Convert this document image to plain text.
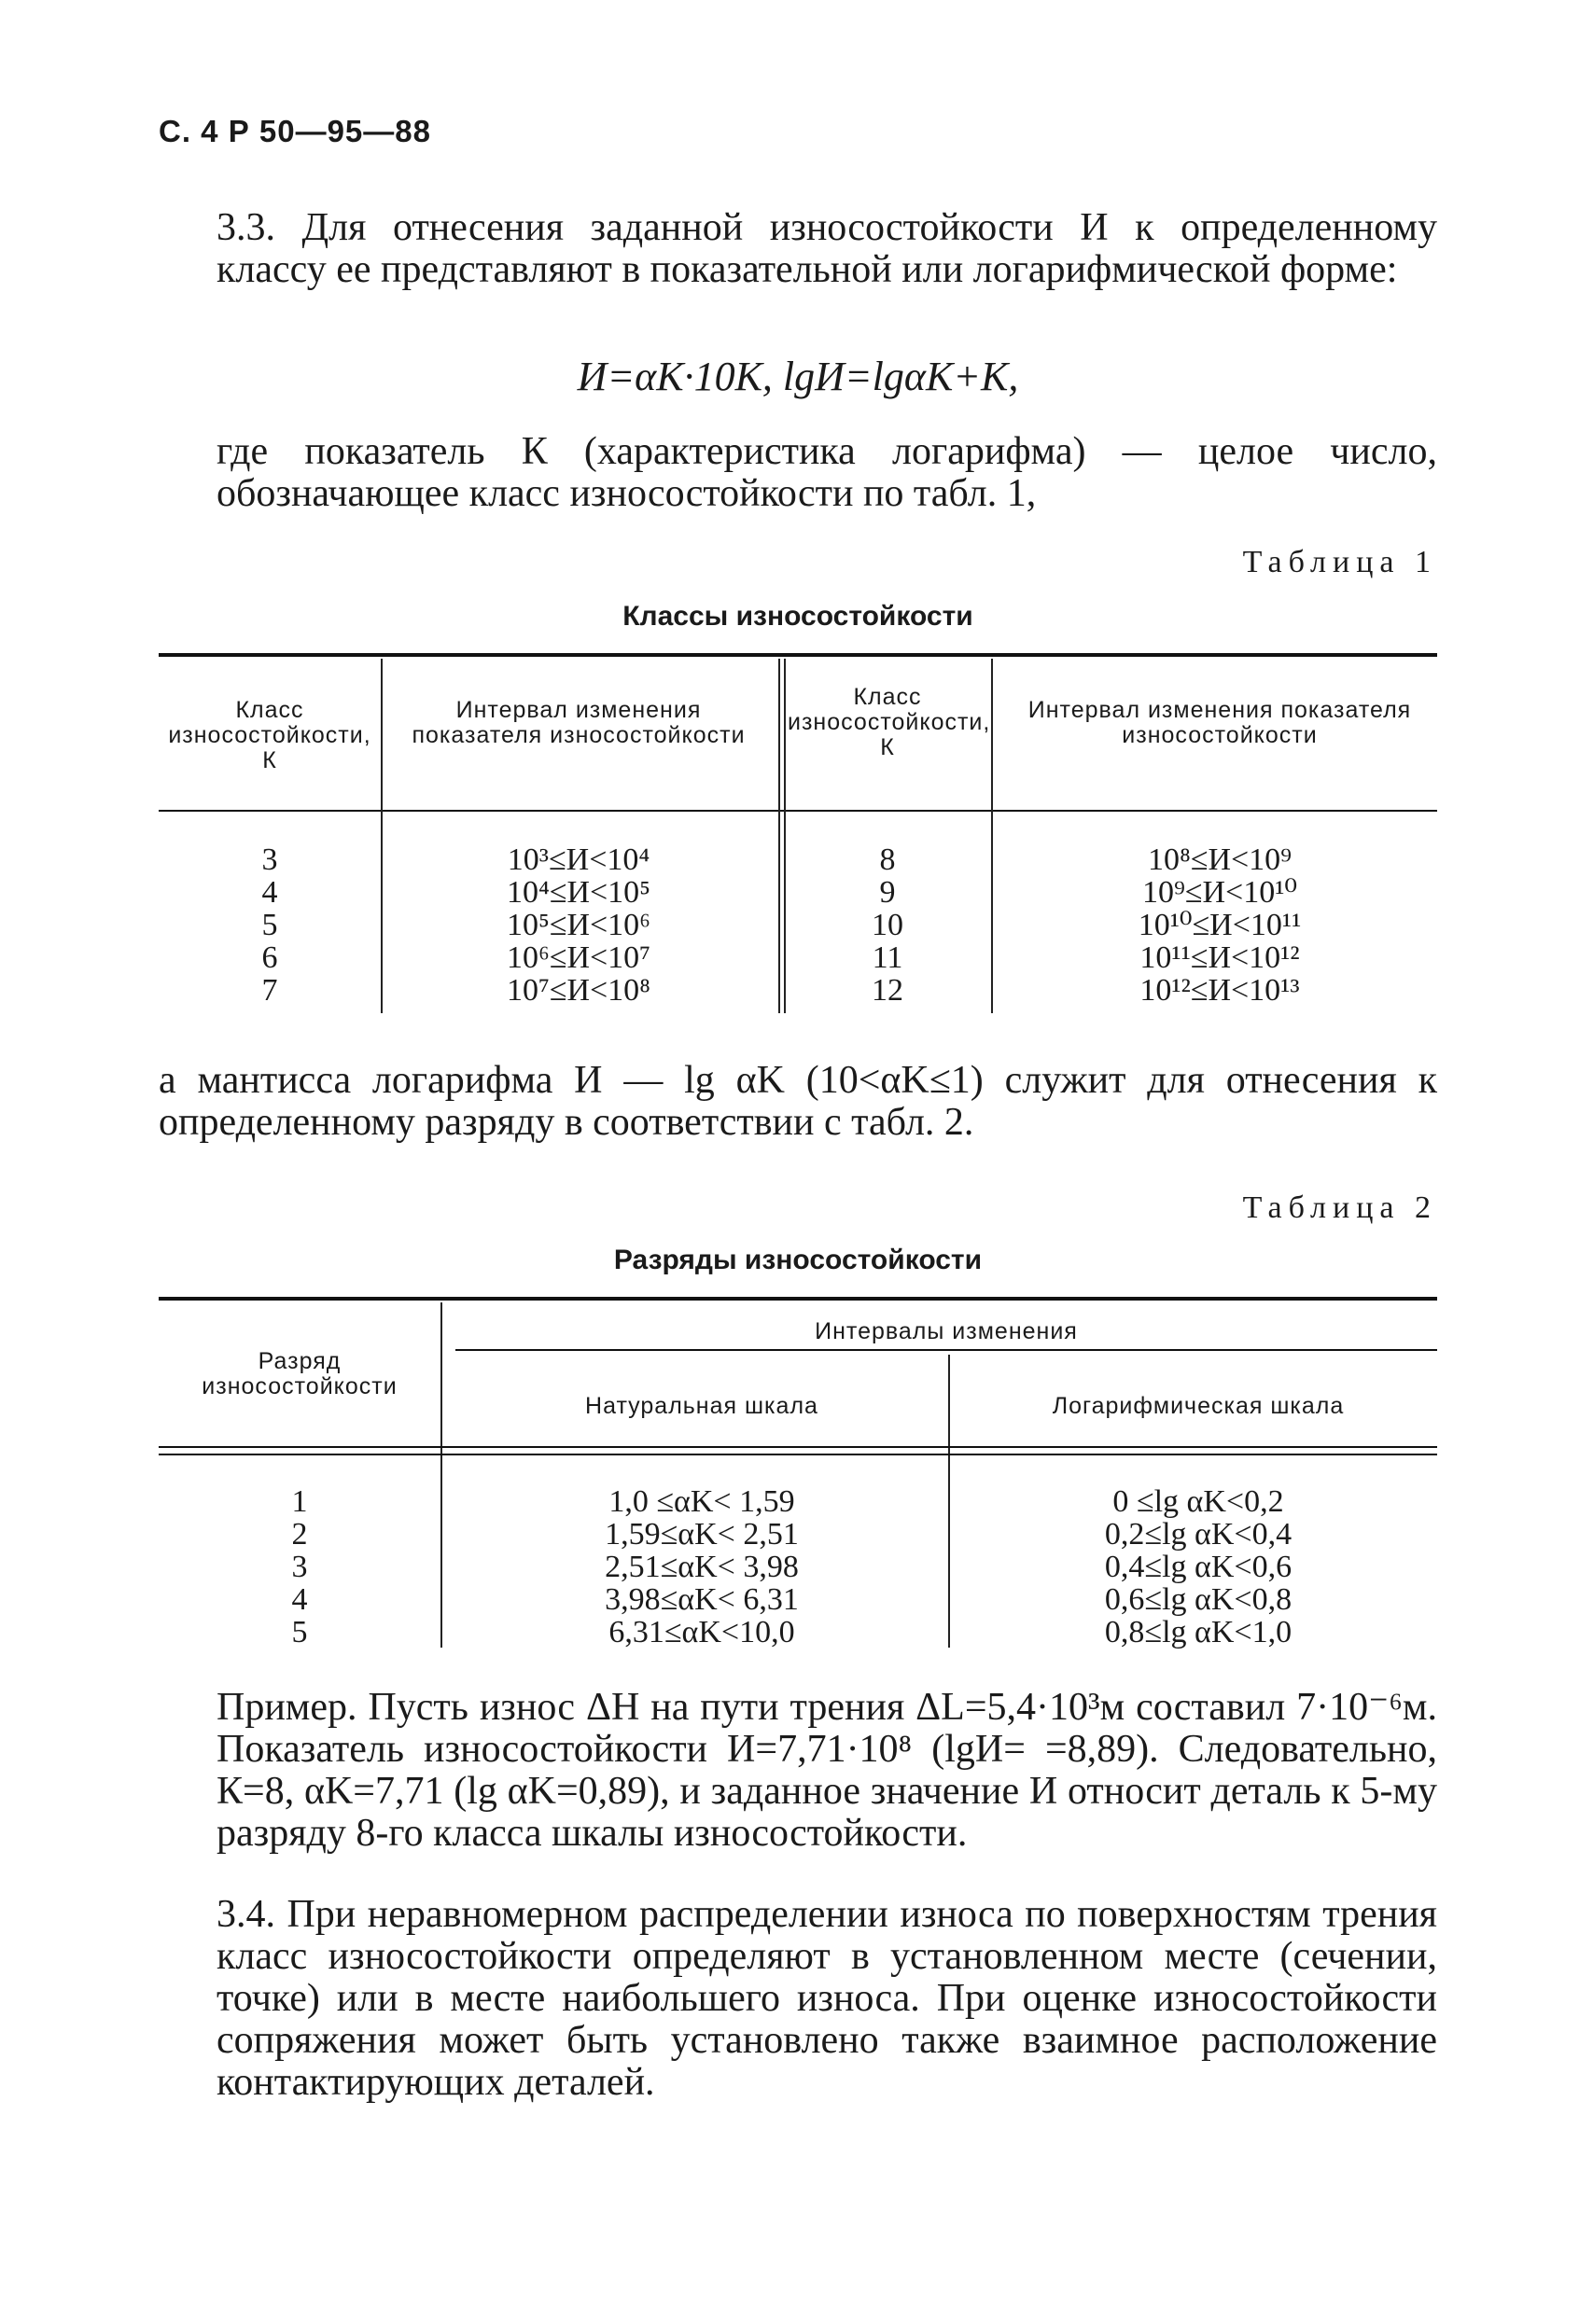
С. 4 Р 50—95—88
3.3. Для отнесения заданной износостойкости И к определенному классу ее представляют в показательной или логарифмической форме:
И=αK·10K, lgИ=lgαK+K,
где показатель К (характеристика логарифма) — целое число, обозначающее класс износостойкости по табл. 1,
Таблица 1
Классы износостойкости
Класс износостойкости, К
Интервал изменения показателя износостойкости
Класс износостойкости, К
Интервал изменения показателя износостойкости
3
4
5
6
7
10³≤И<10⁴
10⁴≤И<10⁵
10⁵≤И<10⁶
10⁶≤И<10⁷
10⁷≤И<10⁸
8
9
10
11
12
10⁸≤И<10⁹
10⁹≤И<10¹⁰
10¹⁰≤И<10¹¹
10¹¹≤И<10¹²
10¹²≤И<10¹³
а мантисса логарифма И — lg αK (10<αK≤1) служит для отнесения к определенному разряду в соответствии с табл. 2.
Таблица 2
Разряды износостойкости
Разряд износостойкости
Интервалы изменения
Натуральная шкала	Логарифмическая шкала
1
2
3
4
5
1,0 ≤αK< 1,59
1,59≤αK< 2,51
2,51≤αK< 3,98
3,98≤αK< 6,31
6,31≤αK<10,0
0 ≤lg αK<0,2
0,2≤lg αK<0,4
0,4≤lg αK<0,6
0,6≤lg αK<0,8
0,8≤lg αK<1,0
Пример. Пусть износ ΔН на пути трения ΔL=5,4·10³м составил 7·10⁻⁶м. Показатель износостойкости И=7,71·10⁸ (lgИ= =8,89). Следовательно, К=8, αK=7,71 (lg αK=0,89), и заданное значение И относит деталь к 5-му разряду 8-го класса шкалы износостойкости.
3.4. При неравномерном распределении износа по поверхностям трения класс износостойкости определяют в установленном месте (сечении, точке) или в месте наибольшего износа. При оценке износостойкости сопряжения может быть установлено также взаимное расположение контактирующих деталей.
